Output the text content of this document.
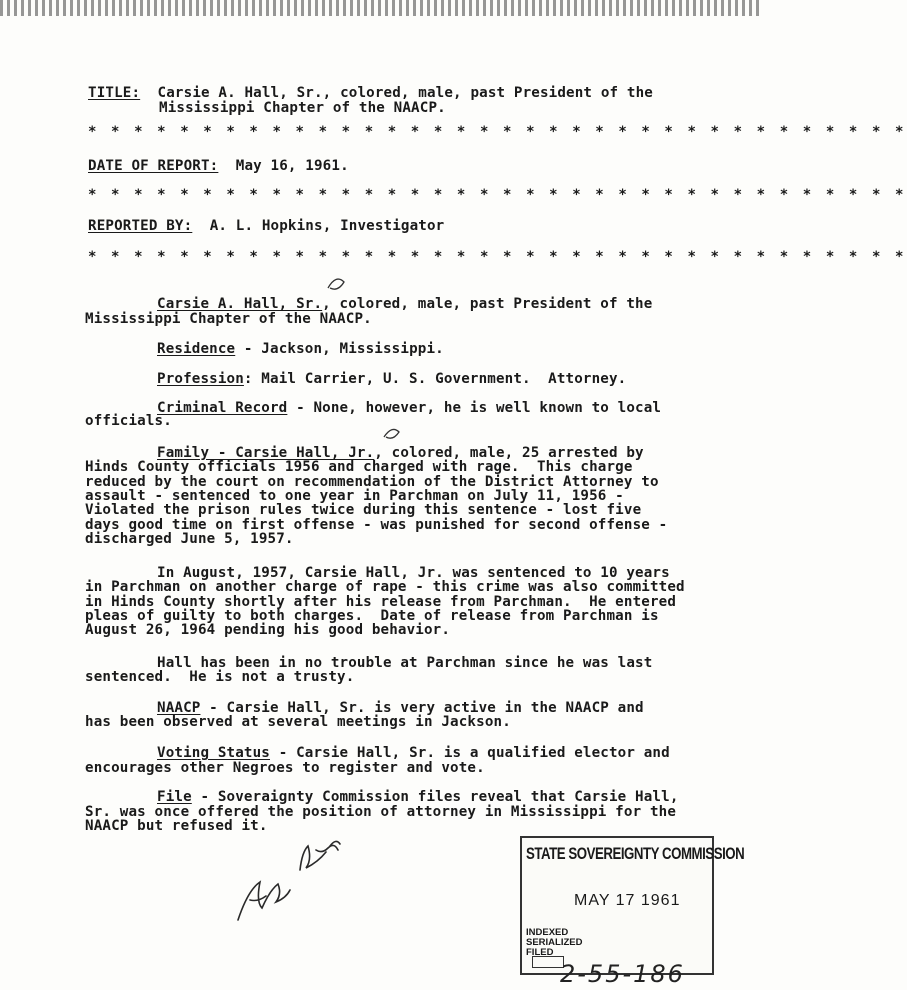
TITLE: Carsie A. Hall, Sr., colored, male, past President of the
Mississippi Chapter of the NAACP.
* * * * * * * * * * * * * * * * * * * * * * * * * * * * * * * * * * * *
DATE OF REPORT: May 16, 1961.
* * * * * * * * * * * * * * * * * * * * * * * * * * * * * * * * * * * *
REPORTED BY: A. L. Hopkins, Investigator
* * * * * * * * * * * * * * * * * * * * * * * * * * * * * * * * * * * *
Carsie A. Hall, Sr., colored, male, past President of the
Mississippi Chapter of the NAACP.
Residence - Jackson, Mississippi.
Profession: Mail Carrier, U. S. Government.  Attorney.
Criminal Record - None, however, he is well known to local
officials.
Family - Carsie Hall, Jr., colored, male, 25 arrested by
Hinds County officials 1956 and charged with rage.  This charge
reduced by the court on recommendation of the District Attorney to
assault - sentenced to one year in Parchman on July 11, 1956 -
Violated the prison rules twice during this sentence - lost five
days good time on first offense - was punished for second offense -
discharged June 5, 1957.
In August, 1957, Carsie Hall, Jr. was sentenced to 10 years
in Parchman on another charge of rape - this crime was also committed
in Hinds County shortly after his release from Parchman.  He entered
pleas of guilty to both charges.  Date of release from Parchman is
August 26, 1964 pending his good behavior.
Hall has been in no trouble at Parchman since he was last
sentenced.  He is not a trusty.
NAACP - Carsie Hall, Sr. is very active in the NAACP and
has been observed at several meetings in Jackson.
Voting Status - Carsie Hall, Sr. is a qualified elector and
encourages other Negroes to register and vote.
File - Soveraignty Commission files reveal that Carsie Hall,
Sr. was once offered the position of attorney in Mississippi for the
NAACP but refused it.
STATE SOVEREIGNTY COMMISSION
MAY 17 1961
INDEXED
SERIALIZED
FILED
2-55-186
